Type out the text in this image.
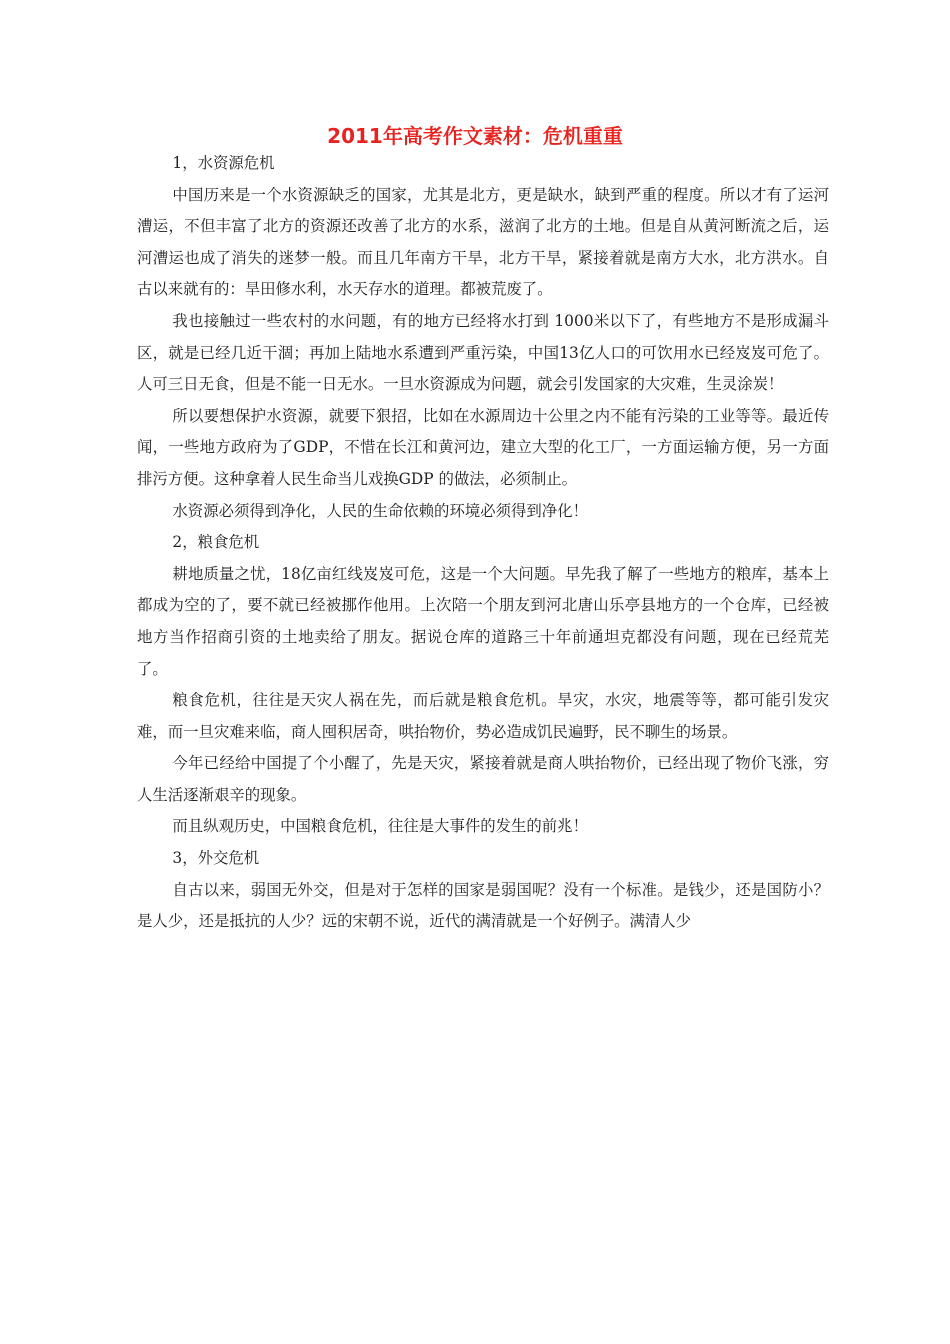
2011年高考作文素材：危机重重

1，水资源危机

中国历来是一个水资源缺乏的国家，尤其是北方，更是缺水，缺到严重的程度。所以才有了运河漕运，不但丰富了北方的资源还改善了北方的水系，滋润了北方的土地。但是自从黄河断流之后，运河漕运也成了消失的迷梦一般。而且几年南方干旱，北方干旱，紧接着就是南方大水，北方洪水。自古以来就有的：旱田修水利，水天存水的道理。都被荒废了。

我也接触过一些农村的水问题，有的地方已经将水打到 1000米以下了，有些地方不是形成漏斗区，就是已经几近干涸；再加上陆地水系遭到严重污染，中国13亿人口的可饮用水已经岌岌可危了。人可三日无食，但是不能一日无水。一旦水资源成为问题，就会引发国家的大灾难，生灵涂炭！

所以要想保护水资源，就要下狠招，比如在水源周边十公里之内不能有污染的工业等等。最近传闻，一些地方政府为了GDP，不惜在长江和黄河边，建立大型的化工厂，一方面运输方便，另一方面排污方便。这种拿着人民生命当儿戏换GDP 的做法，必须制止。

水资源必须得到净化，人民的生命依赖的环境必须得到净化！

2，粮食危机

耕地质量之忧，18亿亩红线岌岌可危，这是一个大问题。早先我了解了一些地方的粮库，基本上都成为空的了，要不就已经被挪作他用。上次陪一个朋友到河北唐山乐亭县地方的一个仓库，已经被地方当作招商引资的土地卖给了朋友。据说仓库的道路三十年前通坦克都没有问题，现在已经荒芜了。

粮食危机，往往是天灾人祸在先，而后就是粮食危机。旱灾，水灾，地震等等，都可能引发灾难，而一旦灾难来临，商人囤积居奇，哄抬物价，势必造成饥民遍野，民不聊生的场景。

今年已经给中国提了个小醒了，先是天灾，紧接着就是商人哄抬物价，已经出现了物价飞涨，穷人生活逐渐艰辛的现象。

而且纵观历史，中国粮食危机，往往是大事件的发生的前兆！

3，外交危机

自古以来，弱国无外交，但是对于怎样的国家是弱国呢？没有一个标准。是钱少，还是国防小？是人少，还是抵抗的人少？远的宋朝不说，近代的满清就是一个好例子。满清人少
